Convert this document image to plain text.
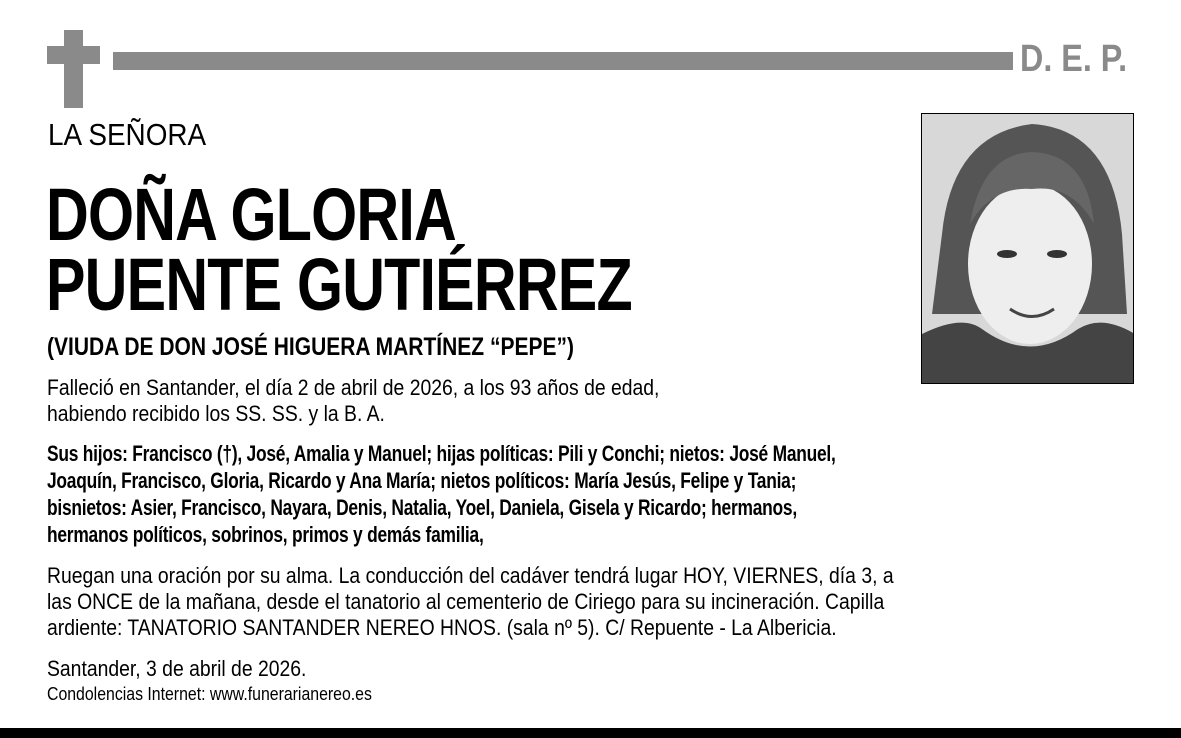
D. E. P.
LA SEÑORA
DOÑA GLORIA
PUENTE GUTIÉRREZ
(VIUDA DE DON JOSÉ HIGUERA MARTÍNEZ “PEPE”)
Falleció en Santander, el día 2 de abril de 2026, a los 93 años de edad,
habiendo recibido los SS. SS. y la B. A.
Sus hijos: Francisco (†), José, Amalia y Manuel; hijas políticas: Pili y Conchi; nietos: José Manuel,
Joaquín, Francisco, Gloria, Ricardo y Ana María; nietos políticos: María Jesús, Felipe y Tania;
bisnietos: Asier, Francisco, Nayara, Denis, Natalia, Yoel, Daniela, Gisela y Ricardo; hermanos,
hermanos políticos, sobrinos, primos y demás familia,
Ruegan una oración por su alma. La conducción del cadáver tendrá lugar HOY, VIERNES, día 3, a
las ONCE de la mañana, desde el tanatorio al cementerio de Ciriego para su incineración. Capilla
ardiente: TANATORIO SANTANDER NEREO HNOS. (sala nº 5). C/ Repuente - La Albericia.
Santander, 3 de abril de 2026.
Condolencias Internet: www.funerarianereo.es
